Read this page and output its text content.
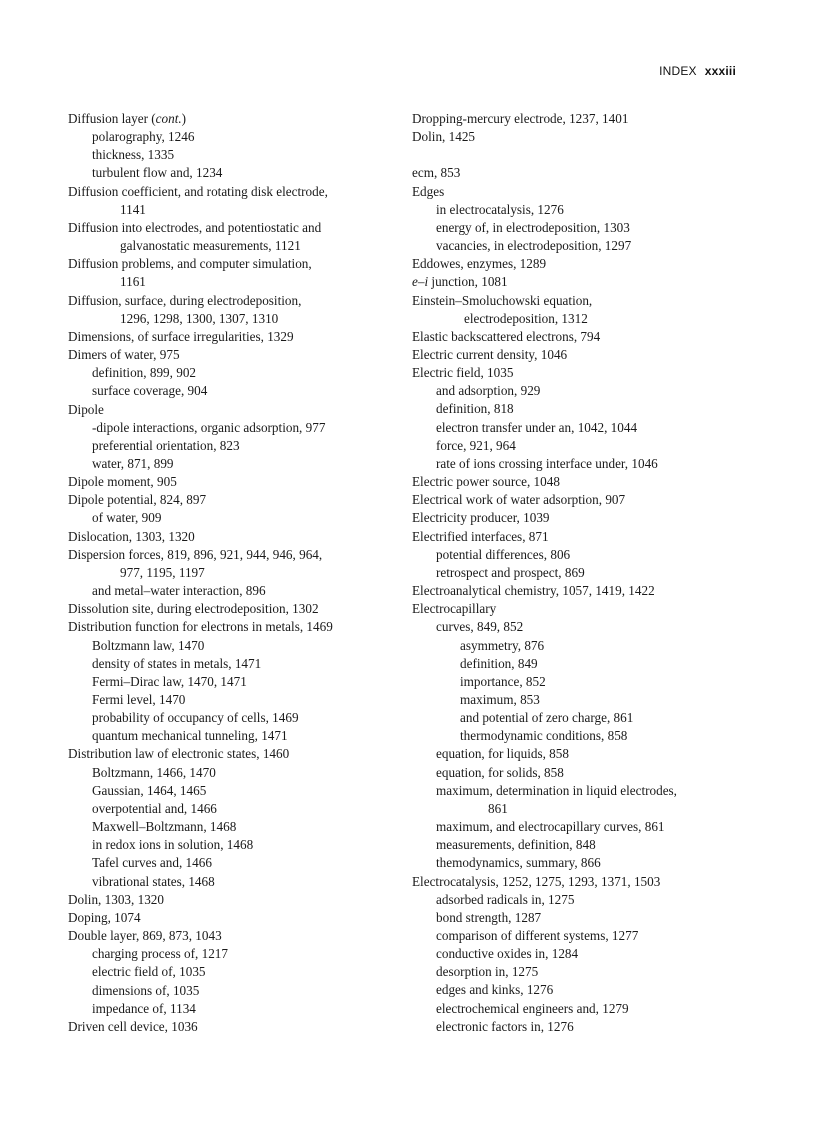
INDEX xxxiii
Diffusion layer (cont.)
polarography, 1246
thickness, 1335
turbulent flow and, 1234
Diffusion coefficient, and rotating disk electrode,
1141
Diffusion into electrodes, and potentiostatic and
galvanostatic measurements, 1121
Diffusion problems, and computer simulation,
1161
Diffusion, surface, during electrodeposition,
1296, 1298, 1300, 1307, 1310
Dimensions, of surface irregularities, 1329
Dimers of water, 975
definition, 899, 902
surface coverage, 904
Dipole
-dipole interactions, organic adsorption, 977
preferential orientation, 823
water, 871, 899
Dipole moment, 905
Dipole potential, 824, 897
of water, 909
Dislocation, 1303, 1320
Dispersion forces, 819, 896, 921, 944, 946, 964,
977, 1195, 1197
and metal–water interaction, 896
Dissolution site, during electrodeposition, 1302
Distribution function for electrons in metals, 1469
Boltzmann law, 1470
density of states in metals, 1471
Fermi–Dirac law, 1470, 1471
Fermi level, 1470
probability of occupancy of cells, 1469
quantum mechanical tunneling, 1471
Distribution law of electronic states, 1460
Boltzmann, 1466, 1470
Gaussian, 1464, 1465
overpotential and, 1466
Maxwell–Boltzmann, 1468
in redox ions in solution, 1468
Tafel curves and, 1466
vibrational states, 1468
Dolin, 1303, 1320
Doping, 1074
Double layer, 869, 873, 1043
charging process of, 1217
electric field of, 1035
dimensions of, 1035
impedance of, 1134
Driven cell device, 1036
Dropping-mercury electrode, 1237, 1401
Dolin, 1425
ecm, 853
Edges
in electrocatalysis, 1276
energy of, in electrodeposition, 1303
vacancies, in electrodeposition, 1297
Eddowes, enzymes, 1289
e–i junction, 1081
Einstein–Smoluchowski equation,
electrodeposition, 1312
Elastic backscattered electrons, 794
Electric current density, 1046
Electric field, 1035
and adsorption, 929
definition, 818
electron transfer under an, 1042, 1044
force, 921, 964
rate of ions crossing interface under, 1046
Electric power source, 1048
Electrical work of water adsorption, 907
Electricity producer, 1039
Electrified interfaces, 871
potential differences, 806
retrospect and prospect, 869
Electroanalytical chemistry, 1057, 1419, 1422
Electrocapillary
curves, 849, 852
asymmetry, 876
definition, 849
importance, 852
maximum, 853
and potential of zero charge, 861
thermodynamic conditions, 858
equation, for liquids, 858
equation, for solids, 858
maximum, determination in liquid electrodes,
861
maximum, and electrocapillary curves, 861
measurements, definition, 848
themodynamics, summary, 866
Electrocatalysis, 1252, 1275, 1293, 1371, 1503
adsorbed radicals in, 1275
bond strength, 1287
comparison of different systems, 1277
conductive oxides in, 1284
desorption in, 1275
edges and kinks, 1276
electrochemical engineers and, 1279
electronic factors in, 1276
